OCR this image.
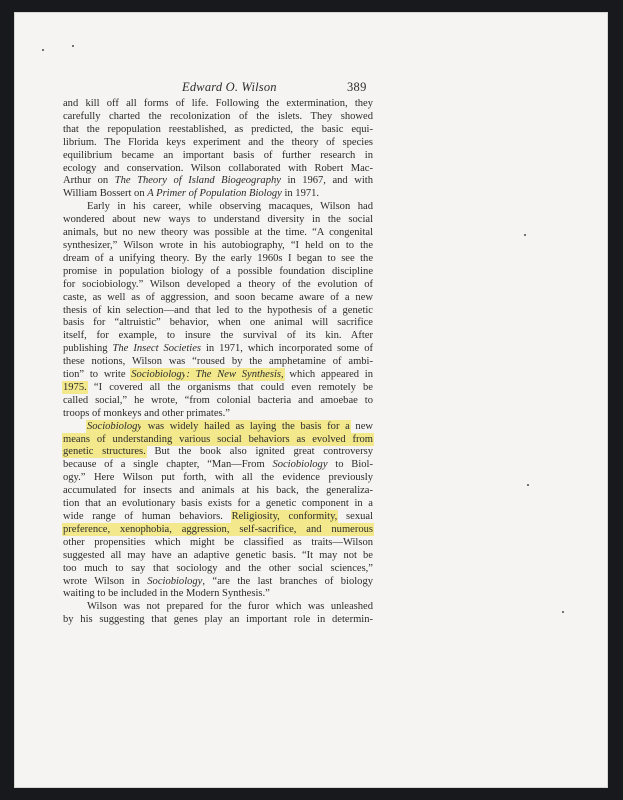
Edward O. Wilson	389
and kill off all forms of life. Following the extermination, they
carefully charted the recolonization of the islets. They showed
that the repopulation reestablished, as predicted, the basic equi-
librium. The Florida keys experiment and the theory of species
equilibrium became an important basis of further research in
ecology and conservation. Wilson collaborated with Robert Mac-
Arthur on The Theory of Island Biogeography in 1967, and with
William Bossert on A Primer of Population Biology in 1971.
Early in his career, while observing macaques, Wilson had
wondered about new ways to understand diversity in the social
animals, but no new theory was possible at the time. “A congenital
synthesizer,” Wilson wrote in his autobiography, “I held on to the
dream of a unifying theory. By the early 1960s I began to see the
promise in population biology of a possible foundation discipline
for sociobiology.” Wilson developed a theory of the evolution of
caste, as well as of aggression, and soon became aware of a new
thesis of kin selection—and that led to the hypothesis of a genetic
basis for “altruistic” behavior, when one animal will sacrifice
itself, for example, to insure the survival of its kin. After
publishing The Insect Societies in 1971, which incorporated some of
these notions, Wilson was “roused by the amphetamine of ambi-
tion” to write Sociobiology: The New Synthesis, which appeared in
1975. “I covered all the organisms that could even remotely be
called social,” he wrote, “from colonial bacteria and amoebae to
troops of monkeys and other primates.”
Sociobiology was widely hailed as laying the basis for a new
means of understanding various social behaviors as evolved from
genetic structures. But the book also ignited great controversy
because of a single chapter, “Man—From Sociobiology to Biol-
ogy.” Here Wilson put forth, with all the evidence previously
accumulated for insects and animals at his back, the generaliza-
tion that an evolutionary basis exists for a genetic component in a
wide range of human behaviors. Religiosity, conformity, sexual
preference, xenophobia, aggression, self-sacrifice, and numerous
other propensities which might be classified as traits—Wilson
suggested all may have an adaptive genetic basis. “It may not be
too much to say that sociology and the other social sciences,”
wrote Wilson in Sociobiology, “are the last branches of biology
waiting to be included in the Modern Synthesis.”
Wilson was not prepared for the furor which was unleashed
by his suggesting that genes play an important role in determin-
